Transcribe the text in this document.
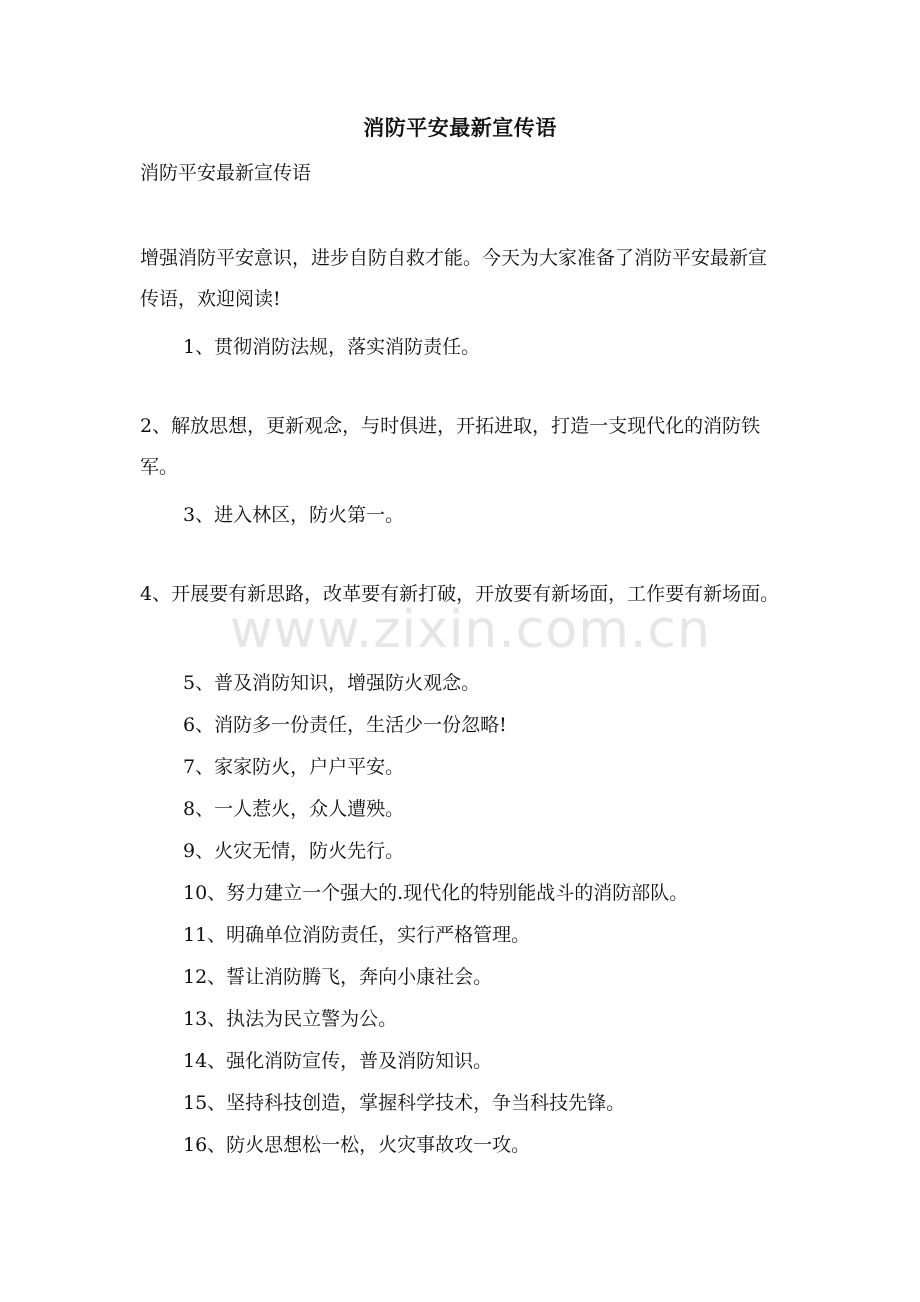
消防平安最新宣传语
消防平安最新宣传语
增强消防平安意识，进步自防自救才能。今天为大家准备了消防平安最新宣传语，欢迎阅读!
1、贯彻消防法规，落实消防责任。
2、解放思想，更新观念，与时俱进，开拓进取，打造一支现代化的消防铁军。
3、进入林区，防火第一。
4、开展要有新思路，改革要有新打破，开放要有新场面，工作要有新场面。
5、普及消防知识，增强防火观念。
6、消防多一份责任，生活少一份忽略!
7、家家防火，户户平安。
8、一人惹火，众人遭殃。
9、火灾无情，防火先行。
10、努力建立一个强大的.现代化的特别能战斗的消防部队。
11、明确单位消防责任，实行严格管理。
12、誓让消防腾飞，奔向小康社会。
13、执法为民立警为公。
14、强化消防宣传，普及消防知识。
15、坚持科技创造，掌握科学技术，争当科技先锋。
16、防火思想松一松，火灾事故攻一攻。
www.zixin.com.cn
